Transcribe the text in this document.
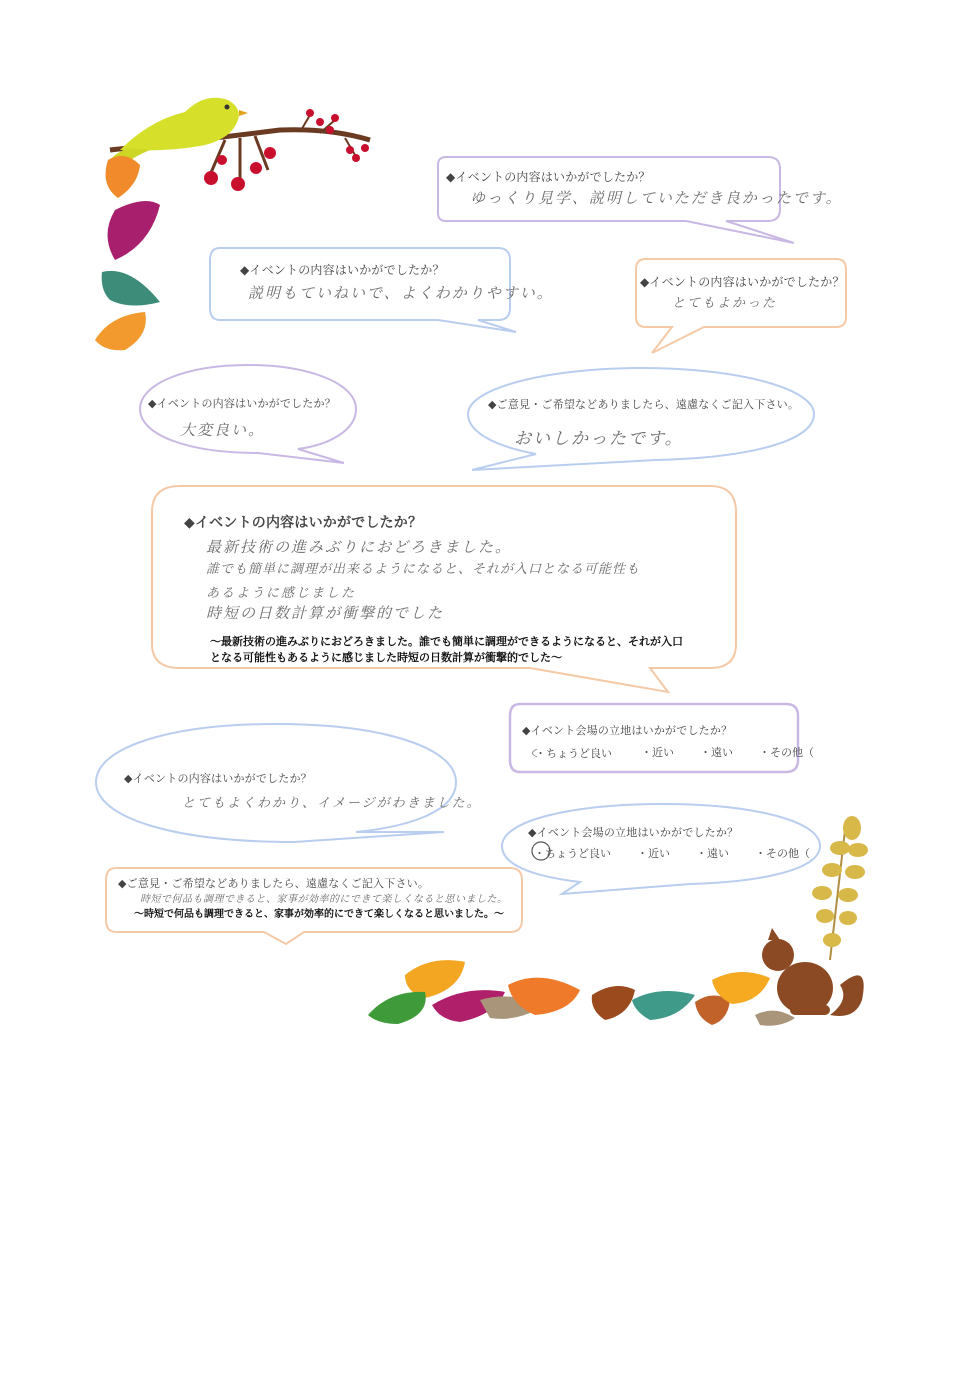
◆イベントの内容はいかがでしたか？
ゆっくり見学、説明していただき良かったです。
◆イベントの内容はいかがでしたか？
説明もていねいで、よくわかりやすい。
◆イベントの内容はいかがでしたか？
とてもよかった
◆イベントの内容はいかがでしたか？
大変良い。
◆ご意見・ご希望などありましたら、遠慮なくご記入下さい。
おいしかったです。
◆イベントの内容はいかがでしたか？
最新技術の進みぶりにおどろきました。
誰でも簡単に調理が出来るようになると、それが入口となる可能性も
あるように感じました
時短の日数計算が衝撃的でした
～最新技術の進みぶりにおどろきました。誰でも簡単に調理ができるようになると、それが入口となる可能性もあるように感じました時短の日数計算が衝撃的でした～
◆イベント会場の立地はいかがでしたか？
・ちょうど良い	・近い ・遠い ・その他（
◆イベントの内容はいかがでしたか？
とてもよくわかり、イメージがわきました。
◆イベント会場の立地はいかがでしたか？
・ちょうど良い ・近い ・遠い ・その他（
◆ご意見・ご希望などありましたら、遠慮なくご記入下さい。
時短で何品も調理できると、家事が効率的にできて楽しくなると思いました。
～時短で何品も調理できると、家事が効率的にできて楽しくなると思いました。～
